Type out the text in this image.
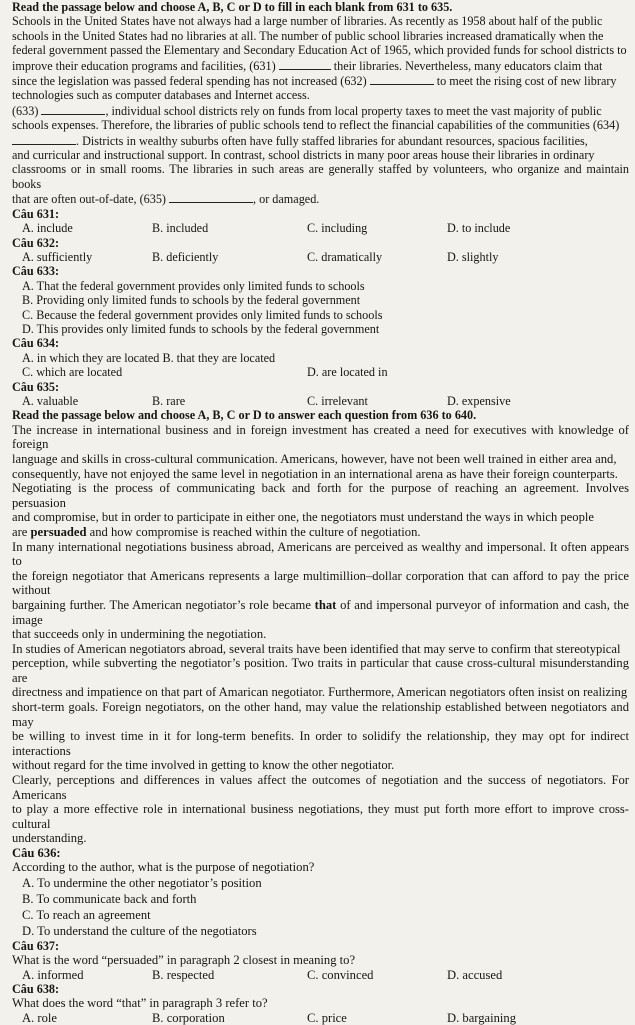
Read the passage below and choose A, B, C or D to fill in each blank from 631 to 635.
Schools in the United States have not always had a large number of libraries. As recently as 1958 about half of the public
schools in the United States had no libraries at all. The number of public school libraries increased dramatically when the
federal government passed the Elementary and Secondary Education Act of 1965, which provided funds for school districts to
improve their education programs and facilities, (631)	their libraries. Nevertheless, many educators claim that
since the legislation was passed federal spending has not increased (632)	to meet the rising cost of new library
technologies such as computer databases and Internet access.
(633)	, individual school districts rely on funds from local property taxes to meet the vast majority of public
schools expenses. Therefore, the libraries of public schools tend to reflect the financial capabilities of the communities (634)
. Districts in wealthy suburbs often have fully staffed libraries for abundant resources, spacious facilities,
and curricular and instructional support. In contrast, school districts in many poor areas house their libraries in ordinary
classrooms or in small rooms. The libraries in such areas are generally staffed by volunteers, who organize and maintain books
that are often out-of-date, (635)	, or damaged.
Câu 631:
A. include	B. included	C. including	D. to include
Câu 632:
A. sufficiently	B. deficiently	C. dramatically	D. slightly
Câu 633:
A. That the federal government provides only limited funds to schools
B. Providing only limited funds to schools by the federal government
C. Because the federal government provides only limited funds to schools
D. This provides only limited funds to schools by the federal government
Câu 634:
A. in which they are located B. that they are located
C. which are located	D. are located in
Câu 635:
A. valuable	B. rare	C. irrelevant	D. expensive
Read the passage below and choose A, B, C or D to answer each question from 636 to 640.
The increase in international business and in foreign investment has created a need for executives with knowledge of foreign
language and skills in cross-cultural communication. Americans, however, have not been well trained in either area and,
consequently, have not enjoyed the same level in negotiation in an international arena as have their foreign counterparts.
Negotiating is the process of communicating back and forth for the purpose of reaching an agreement. Involves persuasion
and compromise, but in order to participate in either one, the negotiators must understand the ways in which people
are persuaded and how compromise is reached within the culture of negotiation.
In many international negotiations business abroad, Americans are perceived as wealthy and impersonal. It often appears to
the foreign negotiator that Americans represents a large multimillion–dollar corporation that can afford to pay the price without
bargaining further. The American negotiator’s role became that of and impersonal purveyor of information and cash, the image
that succeeds only in undermining the negotiation.
In studies of American negotiators abroad, several traits have been identified that may serve to confirm that stereotypical
perception, while subverting the negotiator’s position. Two traits in particular that cause cross-cultural misunderstanding are
directness and impatience on that part of Amarican negotiator. Furthermore, American negotiators often insist on realizing
short-term goals. Foreign negotiators, on the other hand, may value the relationship established between negotiators and may
be willing to invest time in it for long-term benefits. In order to solidify the relationship, they may opt for indirect interactions
without regard for the time involved in getting to know the other negotiator.
Clearly, perceptions and differences in values affect the outcomes of negotiation and the success of negotiators. For Americans
to play a more effective role in international business negotiations, they must put forth more effort to improve cross-cultural
understanding.
Câu 636:
According to the author, what is the purpose of negotiation?
A. To undermine the other negotiator’s position
B. To communicate back and forth
C. To reach an agreement
D. To understand the culture of the negotiators
Câu 637:
What is the word “persuaded” in paragraph 2 closest in meaning to?
A. informed	B. respected	C. convinced	D. accused
Câu 638:
What does the word “that” in paragraph 3 refer to?
A. role	B. corporation	C. price	D. bargaining
